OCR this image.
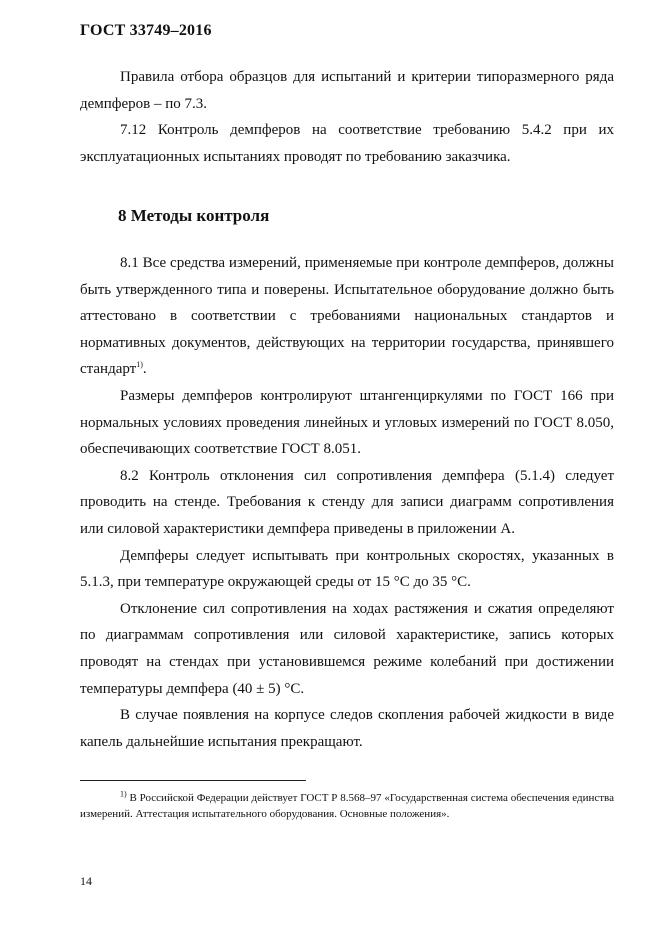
ГОСТ 33749–2016

Правила отбора образцов для испытаний и критерии типоразмерного ряда демпферов – по 7.3.

7.12 Контроль демпферов на соответствие требованию 5.4.2 при их эксплуатационных испытаниях проводят по требованию заказчика.

8 Методы контроля

8.1 Все средства измерений, применяемые при контроле демпферов, должны быть утвержденного типа и поверены. Испытательное оборудование должно быть аттестовано в соответствии с требованиями национальных стандартов и нормативных документов, действующих на территории государства, принявшего стандарт$^{1)}$.

Размеры демпферов контролируют штангенциркулями по ГОСТ 166 при нормальных условиях проведения линейных и угловых измерений по ГОСТ 8.050, обеспечивающих соответствие ГОСТ 8.051.

8.2 Контроль отклонения сил сопротивления демпфера (5.1.4) следует проводить на стенде. Требования к стенду для записи диаграмм сопротивления или силовой характеристики демпфера приведены в приложении А.

Демпферы следует испытывать при контрольных скоростях, указанных в 5.1.3, при температуре окружающей среды от 15 °С до 35 °С.

Отклонение сил сопротивления на ходах растяжения и сжатия определяют по диаграммам сопротивления или силовой характеристике, запись которых проводят на стендах при установившемся режиме колебаний при достижении температуры демпфера (40 ± 5) °С.

В случае появления на корпусе следов скопления рабочей жидкости в виде капель дальнейшие испытания прекращают.

$^{1)}$ В Российской Федерации действует ГОСТ Р 8.568–97 «Государственная система обеспечения единства измерений. Аттестация испытательного оборудования. Основные положения».

14
